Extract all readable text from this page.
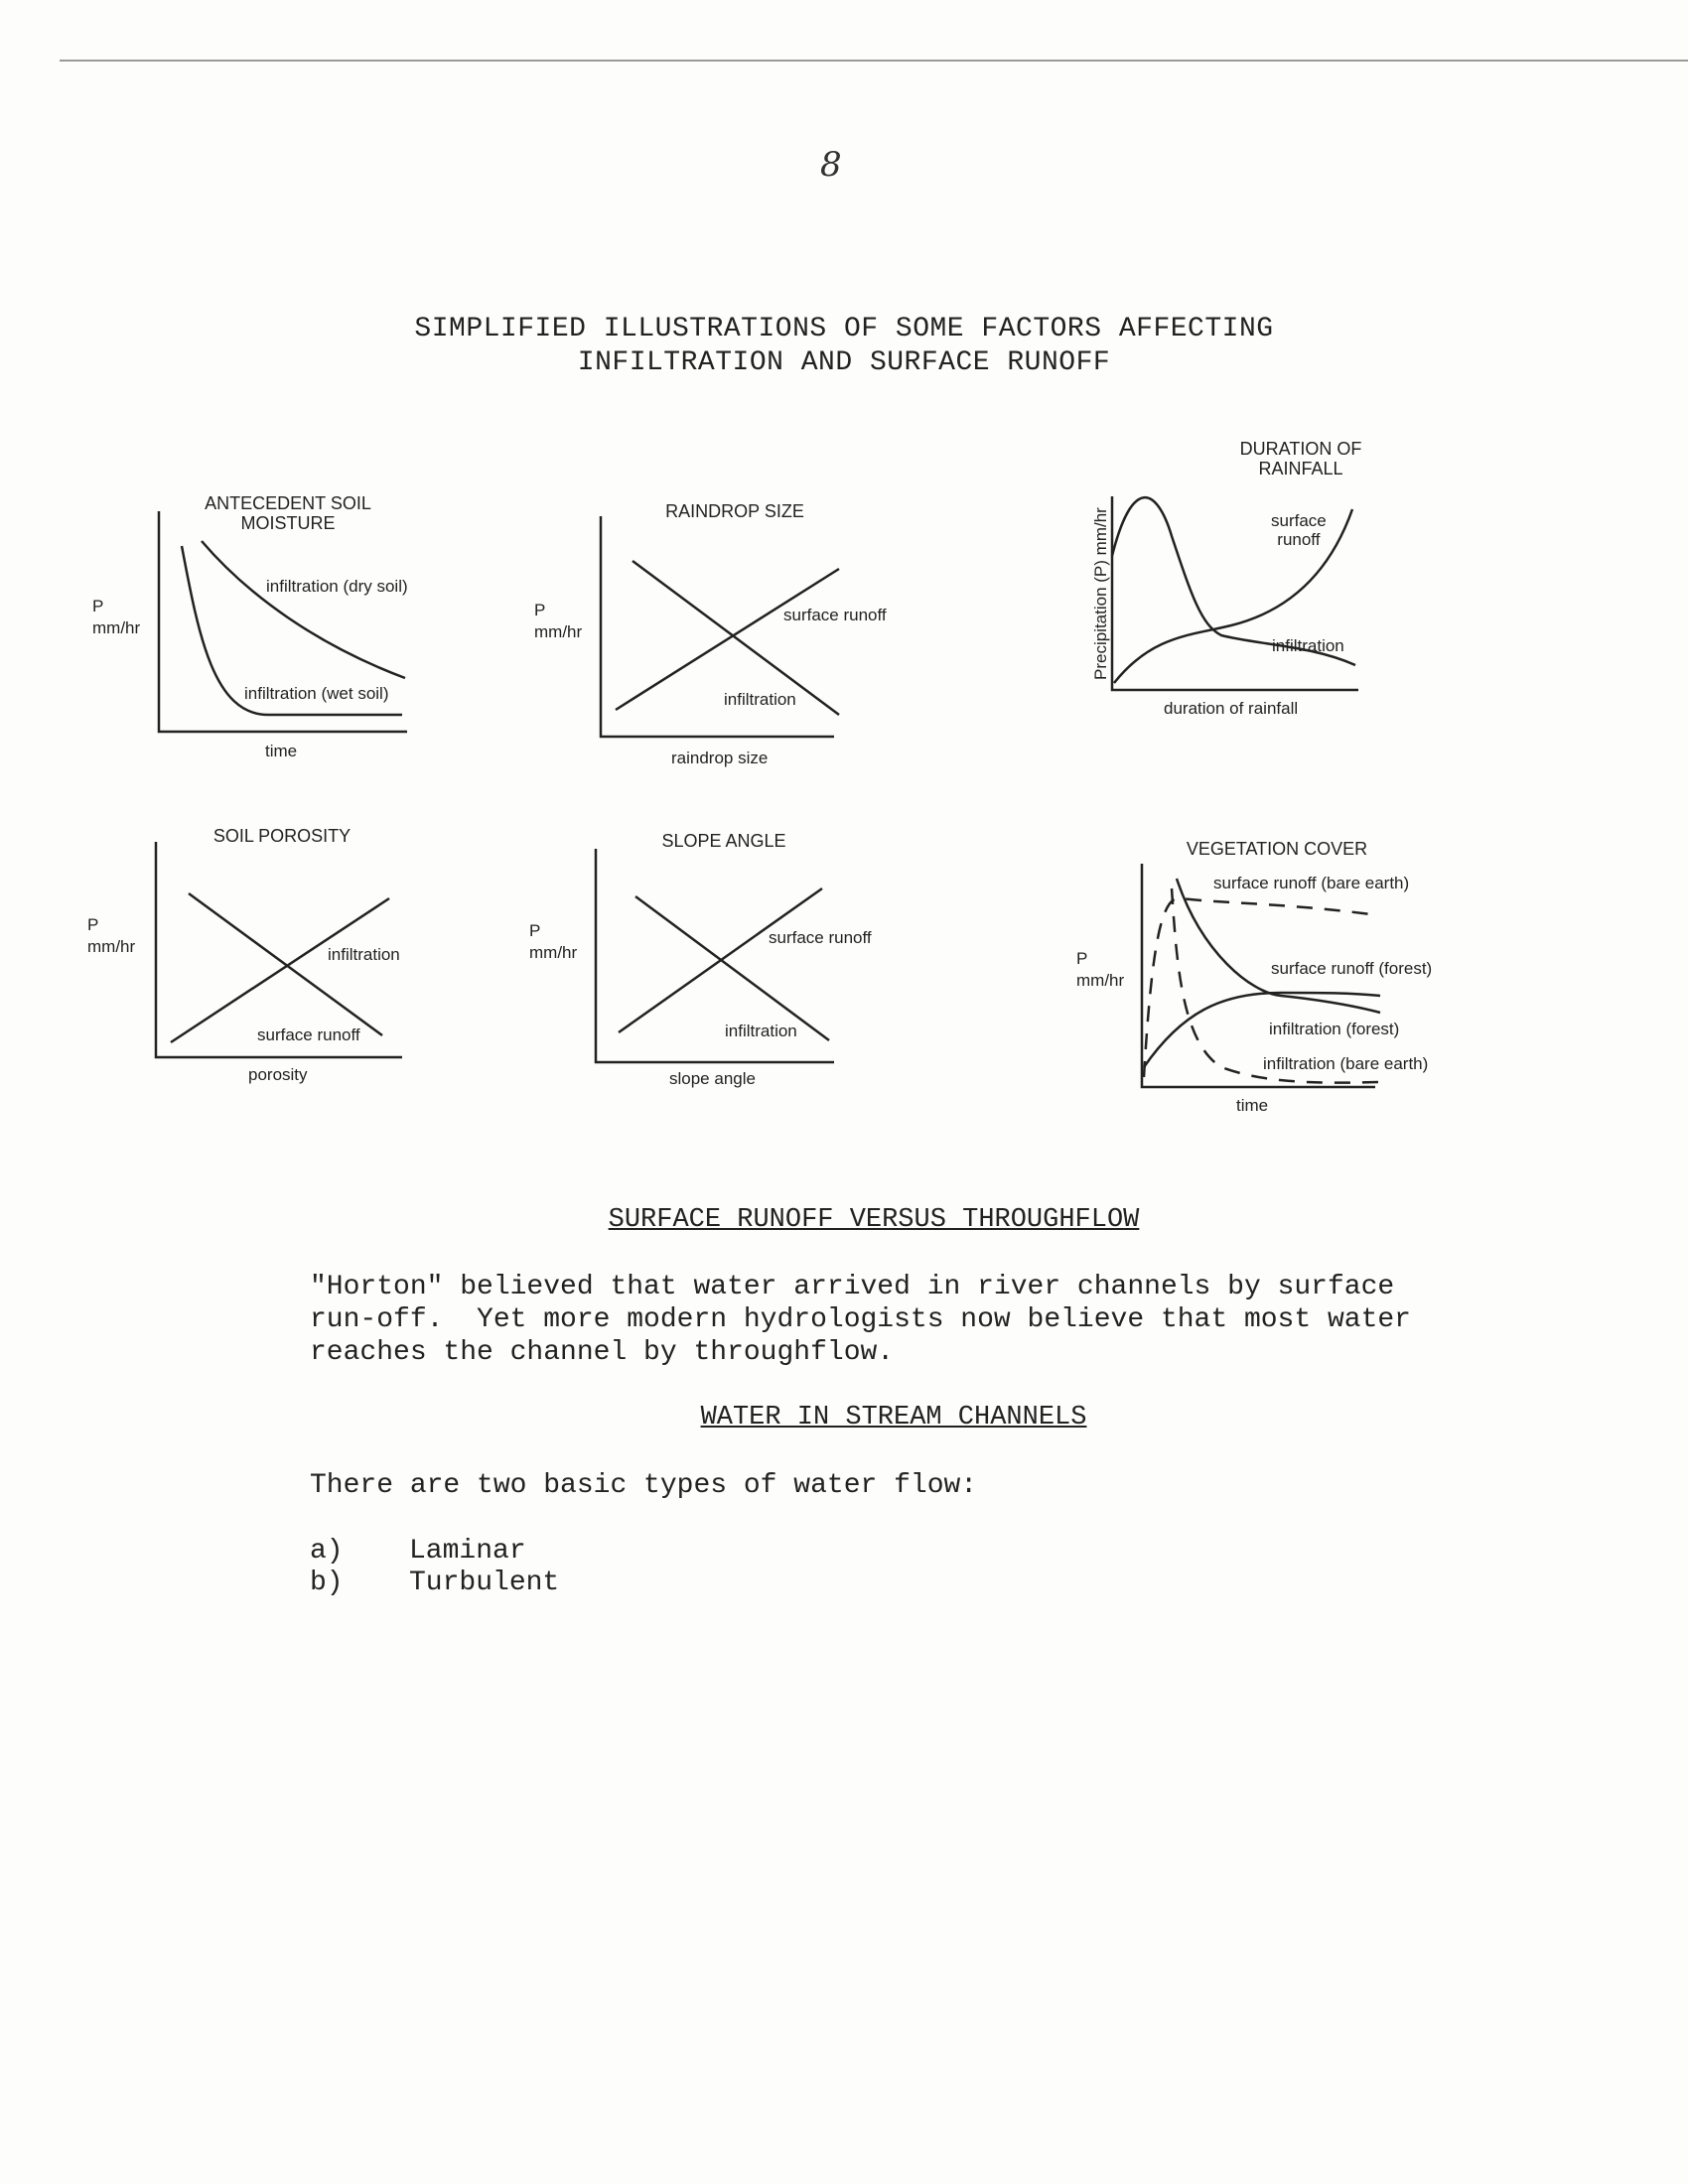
8
SIMPLIFIED ILLUSTRATIONS OF SOME FACTORS AFFECTING
INFILTRATION AND SURFACE RUNOFF
ANTECEDENT SOIL
MOISTURE
P
mm/hr
infiltration (dry soil)
infiltration (wet soil)
time
RAINDROP SIZE
P
mm/hr
surface runoff
infiltration
raindrop size
DURATION OF
RAINFALL
Precipitation (P) mm/hr	surface
runoff
infiltration
duration of rainfall
SOIL POROSITY
P
mm/hr	infiltration
surface runoff
porosity
SLOPE ANGLE
P
mm/hr
surface runoff
infiltration
slope angle
VEGETATION COVER
P
mm/hr
surface runoff (bare earth)
surface runoff (forest)
infiltration (forest)
infiltration (bare earth)
time
SURFACE RUNOFF VERSUS THROUGHFLOW
"Horton" believed that water arrived in river channels by surface
run-off.  Yet more modern hydrologists now believe that most water
reaches the channel by throughflow.
WATER IN STREAM CHANNELS
There are two basic types of water flow:
a) Laminar
b) Turbulent
